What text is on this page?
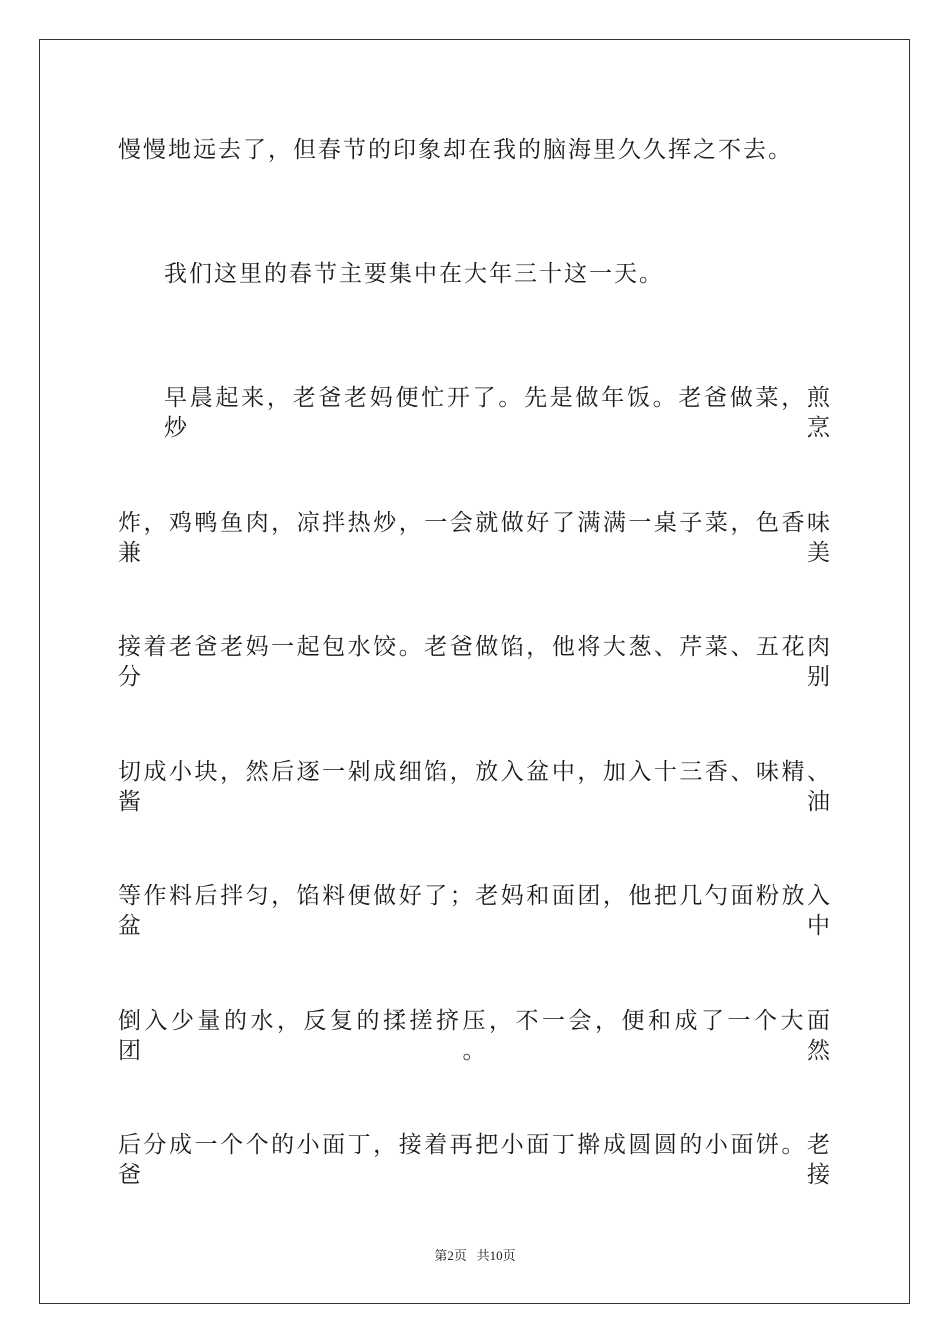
慢慢地远去了，但春节的印象却在我的脑海里久久挥之不去。
我们这里的春节主要集中在大年三十这一天。
早晨起来，老爸老妈便忙开了。先是做年饭。老爸做菜，煎炒烹
炸，鸡鸭鱼肉，凉拌热炒，一会就做好了满满一桌子菜，色香味兼美
接着老爸老妈一起包水饺。老爸做馅，他将大葱、芹菜、五花肉分别
切成小块，然后逐一剁成细馅，放入盆中，加入十三香、味精、酱油
等作料后拌匀，馅料便做好了；老妈和面团，他把几勺面粉放入盆中
倒入少量的水，反复的揉搓挤压，不一会，便和成了一个大面团。然
后分成一个个的小面丁，接着再把小面丁擀成圆圆的小面饼。老爸接
第2页 共10页
